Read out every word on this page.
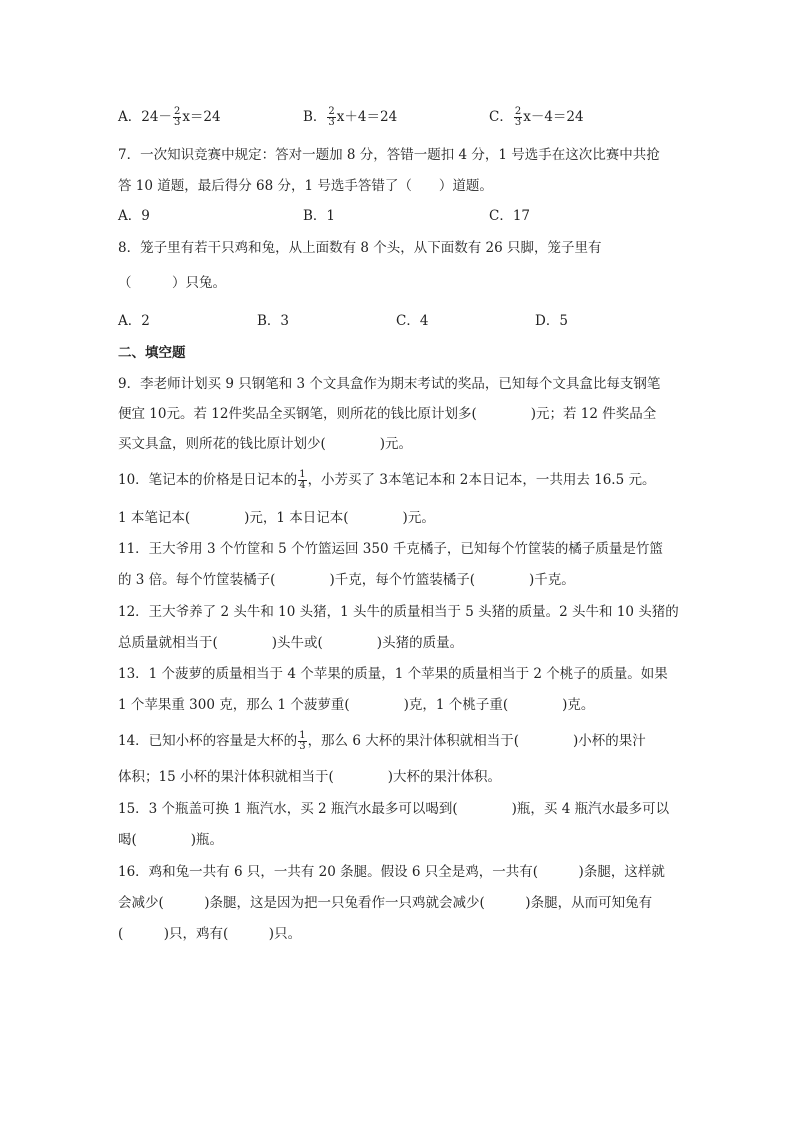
A．$24- \frac{2}{3} x=24$	B． $\frac{2}{3} x+4=24$	C． $\frac{2}{3} x-4=24$
7．一次知识竞赛中规定：答对一题加 8 分，答错一题扣 4 分，1 号选手在这次比赛中共抢
答 10 道题，最后得分 68 分，1 号选手答错了（　　）道题。
A．9	B．1	C．17
8．笼子里有若干只鸡和兔，从上面数有 8 个头，从下面数有 26 只脚，笼子里有
（　　　）只兔。
A．2	B．3	C．4	D．5
二、填空题
9．李老师计划买 9 只钢笔和 3 个文具盒作为期末考试的奖品，已知每个文具盒比每支钢笔
便宜 10元。若 12件奖品全买钢笔，则所花的钱比原计划多(　　　　)元；若 12 件奖品全
买文具盒，则所花的钱比原计划少(　　　　)元。
10．笔记本的价格是日记本的 $\frac{1}{4}$ ，小芳买了 3本笔记本和 2本日记本，一共用去 16.5 元。
1 本笔记本(　　　　)元，1 本日记本(　　　　)元。
11．王大爷用 3 个竹筐和 5 个竹篮运回 350 千克橘子，已知每个竹筐装的橘子质量是竹篮
的 3 倍。每个竹筐装橘子(　　　　)千克，每个竹篮装橘子(　　　　)千克。
12．王大爷养了 2 头牛和 10 头猪，1 头牛的质量相当于 5 头猪的质量。2 头牛和 10 头猪的
总质量就相当于(　　　　)头牛或(　　　　)头猪的质量。
13．1 个菠萝的质量相当于 4 个苹果的质量，1 个苹果的质量相当于 2 个桃子的质量。如果
1 个苹果重 300 克，那么 1 个菠萝重(　　　　)克，1 个桃子重(　　　　)克。
14．已知小杯的容量是大杯的 $\frac{1}{3}$ ，那么 6 大杯的果汁体积就相当于(　　　　)小杯的果汁
体积；15 小杯的果汁体积就相当于(　　　　)大杯的果汁体积。
15．3 个瓶盖可换 1 瓶汽水，买 2 瓶汽水最多可以喝到(　　　　)瓶，买 4 瓶汽水最多可以
喝(　　　　)瓶。
16．鸡和兔一共有 6 只，一共有 20 条腿。假设 6 只全是鸡，一共有(　　　)条腿，这样就
会减少(　　　)条腿，这是因为把一只兔看作一只鸡就会减少(　　　)条腿，从而可知兔有
(　　　)只，鸡有(　　　)只。
